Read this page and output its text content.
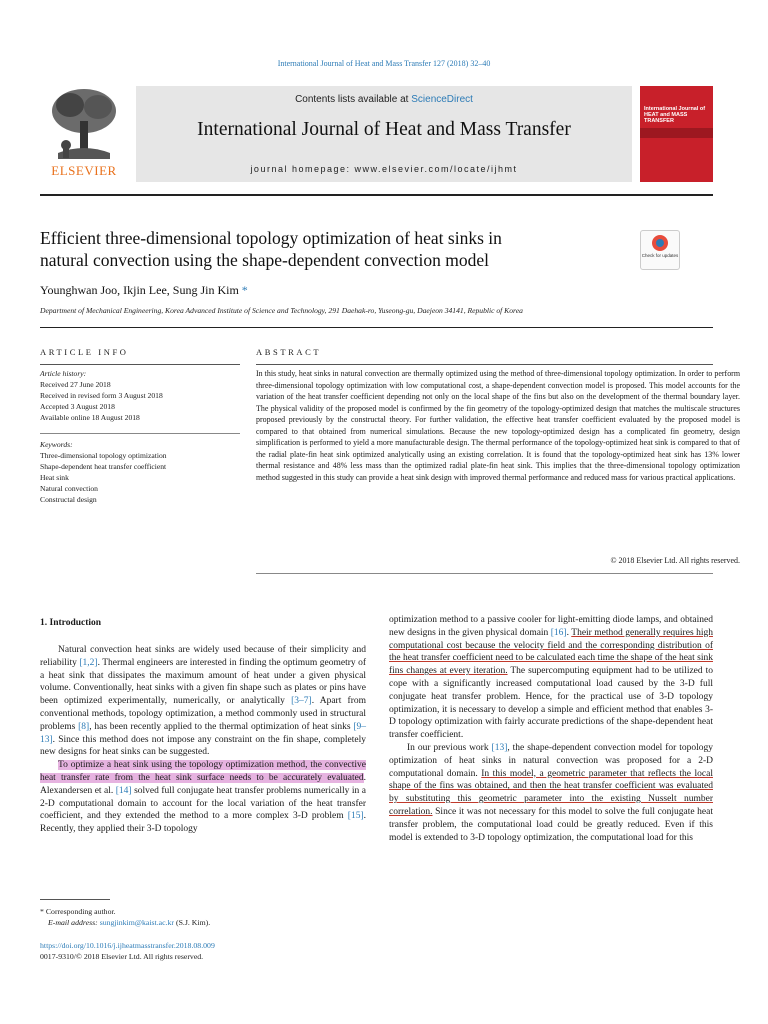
International Journal of Heat and Mass Transfer 127 (2018) 32–40
ELSEVIER
Contents lists available at ScienceDirect
International Journal of Heat and Mass Transfer
journal homepage: www.elsevier.com/locate/ijhmt
International Journal of
HEAT and MASS
TRANSFER
Efficient three-dimensional topology optimization of heat sinks in
natural convection using the shape-dependent convection model	Check for updates
Younghwan Joo, Ikjin Lee, Sung Jin Kim *
Department of Mechanical Engineering, Korea Advanced Institute of Science and Technology, 291 Daehak-ro, Yuseong-gu, Daejeon 34141, Republic of Korea
ARTICLE INFO
Article history:
Received 27 June 2018
Received in revised form 3 August 2018
Accepted 3 August 2018
Available online 18 August 2018
Keywords:
Three-dimensional topology optimization
Shape-dependent heat transfer coefficient
Heat sink
Natural convection
Constructal design
ABSTRACT
In this study, heat sinks in natural convection are thermally optimized using the method of three-dimensional topology optimization. In order to perform three-dimensional topology optimization with low computational cost, a shape-dependent convection model is proposed. This model accounts for the variation of the heat transfer coefficient depending not only on the local shape of the fins but also on the development of the thermal boundary layer. The physical validity of the proposed model is confirmed by the fin geometry of the topology-optimized design that matches the multiscale structures proposed previously by the constructal theory. For further validation, the effective heat transfer coefficient evaluated by the proposed model is compared to that obtained from numerical simulations. Because the new topology-optimized design has a complicated fin geometry, design simplification is performed to yield a more manufacturable design. The thermal performance of the topology-optimized heat sink is compared to that of the radial plate-fin heat sink optimized analytically using an existing correlation. It is found that the topology-optimized heat sink has 13% lower thermal resistance and 48% less mass than the optimized radial plate-fin heat sink. This implies that the three-dimensional topology optimization method suggested in this study can provide a heat sink design with improved thermal performance and reduced mass for various practical applications.
© 2018 Elsevier Ltd. All rights reserved.
1. Introduction

Natural convection heat sinks are widely used because of their simplicity and reliability [1,2]. Thermal engineers are interested in finding the optimum geometry of a heat sink that dissipates the maximum amount of heat under a given physical volume. Conventionally, heat sinks with a given fin shape such as plates or pins have been optimized experimentally, numerically, or analytically [3–7]. Apart from conventional methods, topology optimization, a method commonly used in structural problems [8], has been recently applied to the thermal optimization of heat sinks [9–13]. Since this method does not impose any constraint on the fin shape, completely new designs for heat sinks can be suggested.

To optimize a heat sink using the topology optimization method, the convective heat transfer rate from the heat sink surface needs to be accurately evaluated. Alexandersen et al. [14] solved full conjugate heat transfer problems numerically in a 2-D computational domain to account for the local variation of the heat transfer coefficient, and they extended the method to a more complex 3-D problem [15]. Recently, they applied their 3-D topology

optimization method to a passive cooler for light-emitting diode lamps, and obtained new designs in the given physical domain [16]. Their method generally requires high computational cost because the velocity field and the corresponding distribution of the heat transfer coefficient need to be calculated each time the shape of the heat sink fins changes at every iteration. The supercomputing equipment had to be utilized to cope with a significantly increased computational load caused by the 3-D full conjugate heat transfer problem. Hence, for the practical use of 3-D topology optimization, it is necessary to develop a simple and efficient method that enables 3-D topology optimization with fairly accurate predictions of the shape-dependent heat transfer coefficient.

In our previous work [13], the shape-dependent convection model for topology optimization of heat sinks in natural convection was proposed for a 2-D computational domain. In this model, a geometric parameter that reflects the local shape of the fins was obtained, and then the heat transfer coefficient was evaluated by substituting this geometric parameter into the existing Nusselt number correlation. Since it was not necessary for this model to solve the full conjugate heat transfer problem, the computational load could be greatly reduced. Even if this model is extended to 3-D topology optimization, the computational load for this

* Corresponding author.
E-mail address: sungjinkim@kaist.ac.kr (S.J. Kim).
https://doi.org/10.1016/j.ijheatmasstransfer.2018.08.009
0017-9310/© 2018 Elsevier Ltd. All rights reserved.
